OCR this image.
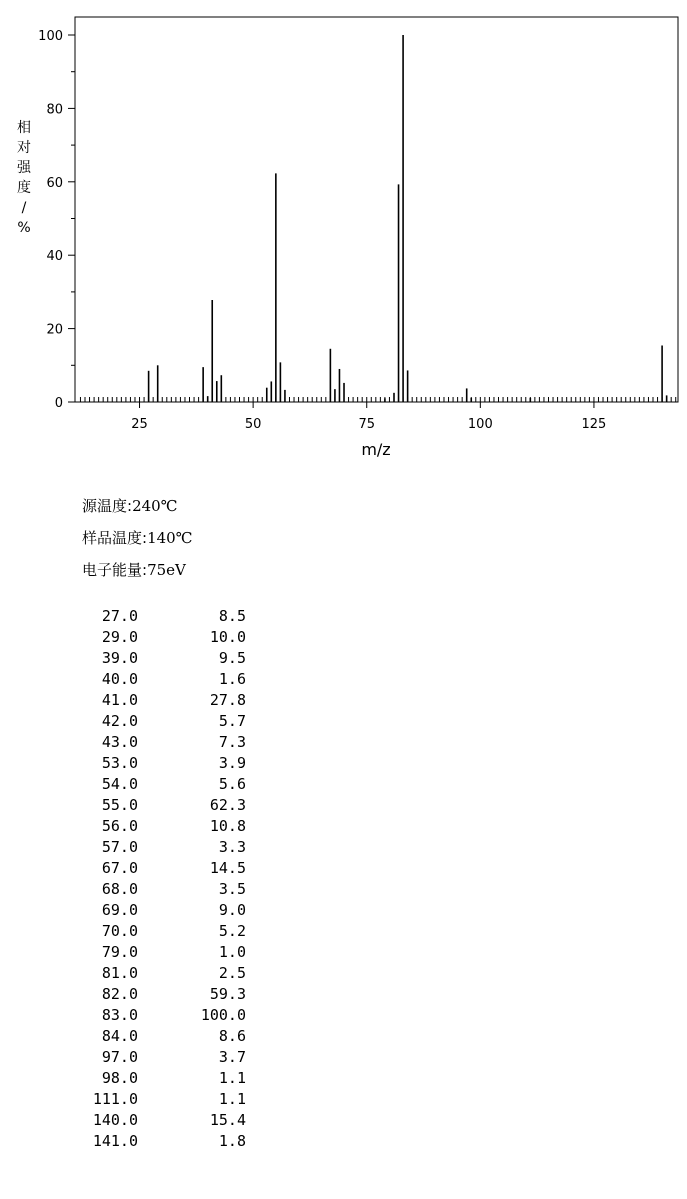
25	50	75	100	125
0
20
40
60
80
100
m/z
相对强度/ %
源温度:240℃
样品温度:140℃
电子能量:75eV
27.0	8.5
29.0	10.0
39.0	9.5
40.0	1.6
41.0	27.8
42.0	5.7
43.0	7.3
53.0	3.9
54.0	5.6
55.0	62.3
56.0	10.8
57.0	3.3
67.0	14.5
68.0	3.5
69.0	9.0
70.0	5.2
79.0	1.0
81.0	2.5
82.0	59.3
83.0	100.0
84.0	8.6
97.0	3.7
98.0	1.1
111.0	1.1
140.0	15.4
141.0	1.8
